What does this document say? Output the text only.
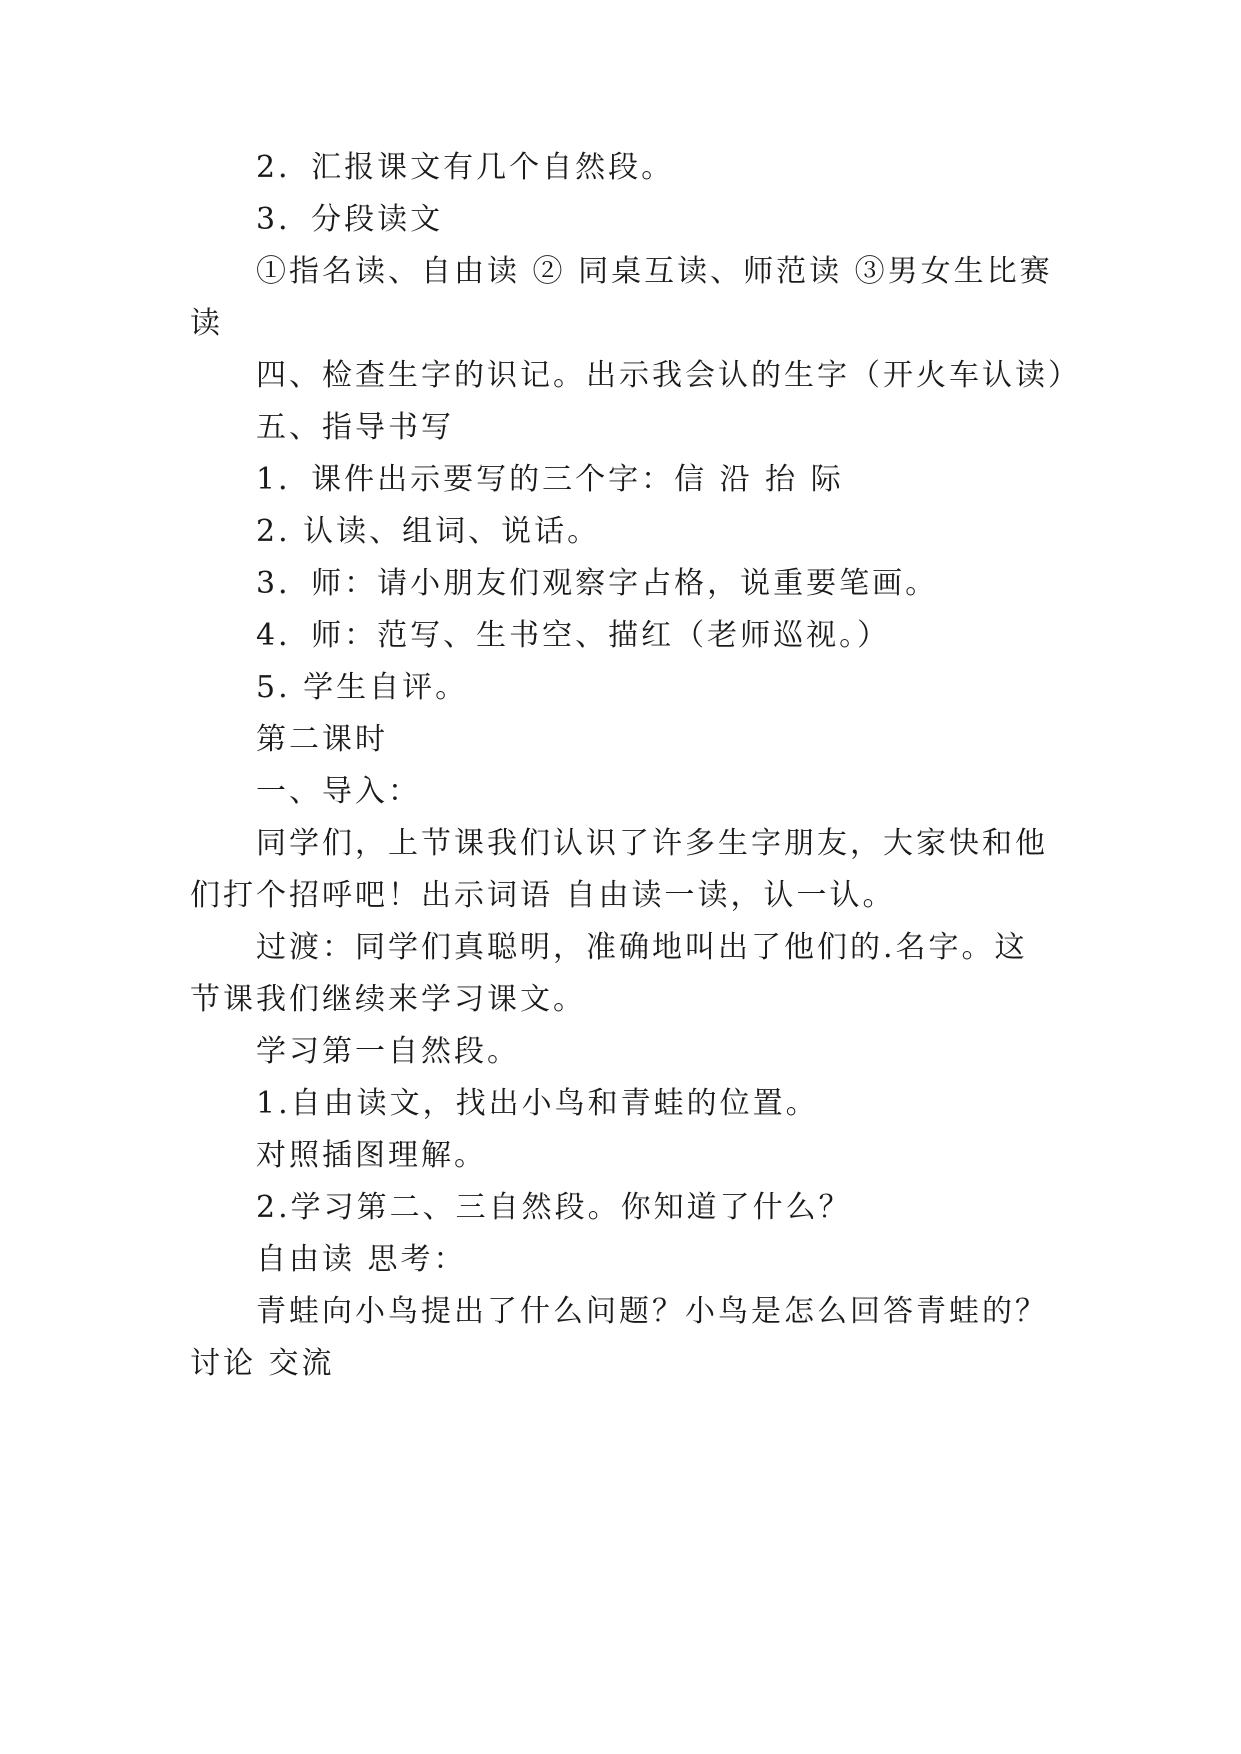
2．汇报课文有几个自然段。
3．分段读文
①指名读、自由读 ② 同桌互读、师范读 ③男女生比赛
读
四、检查生字的识记。出示我会认的生字（开火车认读）
五、指导书写
1．课件出示要写的三个字：信 沿 抬 际
2. 认读、组词、说话。
3．师：请小朋友们观察字占格，说重要笔画。
4．师：范写、生书空、描红（老师巡视。）
5. 学生自评。
第二课时
一、导入：
同学们，上节课我们认识了许多生字朋友，大家快和他
们打个招呼吧！出示词语 自由读一读，认一认。
过渡：同学们真聪明，准确地叫出了他们的.名字。这
节课我们继续来学习课文。
学习第一自然段。
1.自由读文，找出小鸟和青蛙的位置。
对照插图理解。
2.学习第二、三自然段。你知道了什么？
自由读 思考：
青蛙向小鸟提出了什么问题？小鸟是怎么回答青蛙的？
讨论 交流
